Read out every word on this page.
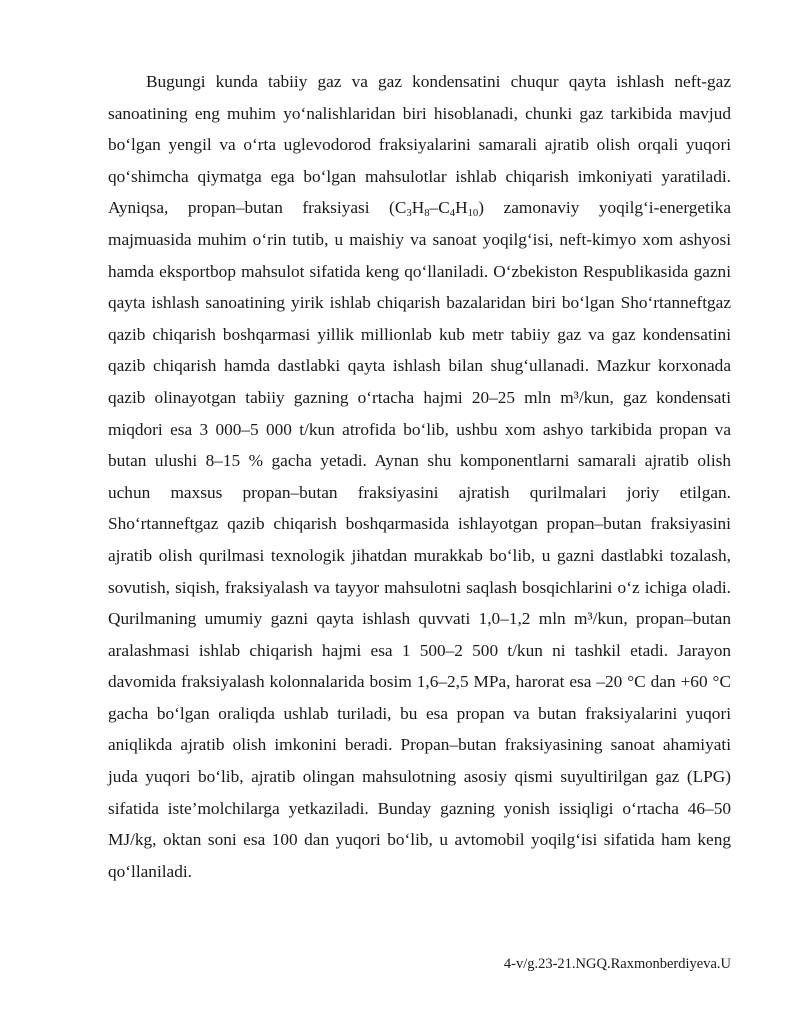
Bugungi kunda tabiiy gaz va gaz kondensatini chuqur qayta ishlash neft-gaz sanoatining eng muhim yo‘nalishlaridan biri hisoblanadi, chunki gaz tarkibida mavjud bo‘lgan yengil va o‘rta uglevodorod fraksiyalarini samarali ajratib olish orqali yuqori qo‘shimcha qiymatga ega bo‘lgan mahsulotlar ishlab chiqarish imkoniyati yaratiladi. Ayniqsa, propan–butan fraksiyasi $(C_3H_8-C_4H_{10})$ zamonaviy yoqilg‘i-energetika majmuasida muhim o‘rin tutib, u maishiy va sanoat yoqilg‘isi, neft-kimyo xom ashyosi hamda eksportbop mahsulot sifatida keng qo‘llaniladi. O‘zbekiston Respublikasida gazni qayta ishlash sanoatining yirik ishlab chiqarish bazalaridan biri bo‘lgan Sho‘rtanneftgaz qazib chiqarish boshqarmasi yillik millionlab kub metr tabiiy gaz va gaz kondensatini qazib chiqarish hamda dastlabki qayta ishlash bilan shug‘ullanadi. Mazkur korxonada qazib olinayotgan tabiiy gazning o‘rtacha hajmi 20–25 mln m³/kun, gaz kondensati miqdori esa 3 000–5 000 t/kun atrofida bo‘lib, ushbu xom ashyo tarkibida propan va butan ulushi 8–15 % gacha yetadi. Aynan shu komponentlarni samarali ajratib olish uchun maxsus propan–butan fraksiyasini ajratish qurilmalari joriy etilgan. Sho‘rtanneftgaz qazib chiqarish boshqarmasida ishlayotgan propan–butan fraksiyasini ajratib olish qurilmasi texnologik jihatdan murakkab bo‘lib, u gazni dastlabki tozalash, sovutish, siqish, fraksiyalash va tayyor mahsulotni saqlash bosqichlarini o‘z ichiga oladi. Qurilmaning umumiy gazni qayta ishlash quvvati 1,0–1,2 mln m³/kun, propan–butan aralashmasi ishlab chiqarish hajmi esa 1 500–2 500 t/kun ni tashkil etadi. Jarayon davomida fraksiyalash kolonnalarida bosim 1,6–2,5 MPa, harorat esa –20 °C dan +60 °C gacha bo‘lgan oraliqda ushlab turiladi, bu esa propan va butan fraksiyalarini yuqori aniqlikda ajratib olish imkonini beradi. Propan–butan fraksiyasining sanoat ahamiyati juda yuqori bo‘lib, ajratib olingan mahsulotning asosiy qismi suyultirilgan gaz (LPG) sifatida iste’molchilarga yetkaziladi. Bunday gazning yonish issiqligi o‘rtacha 46–50 MJ/kg, oktan soni esa 100 dan yuqori bo‘lib, u avtomobil yoqilg‘isi sifatida ham keng qo‘llaniladi.

4-v/g.23-21.NGQ.Raxmonberdiyeva.U
